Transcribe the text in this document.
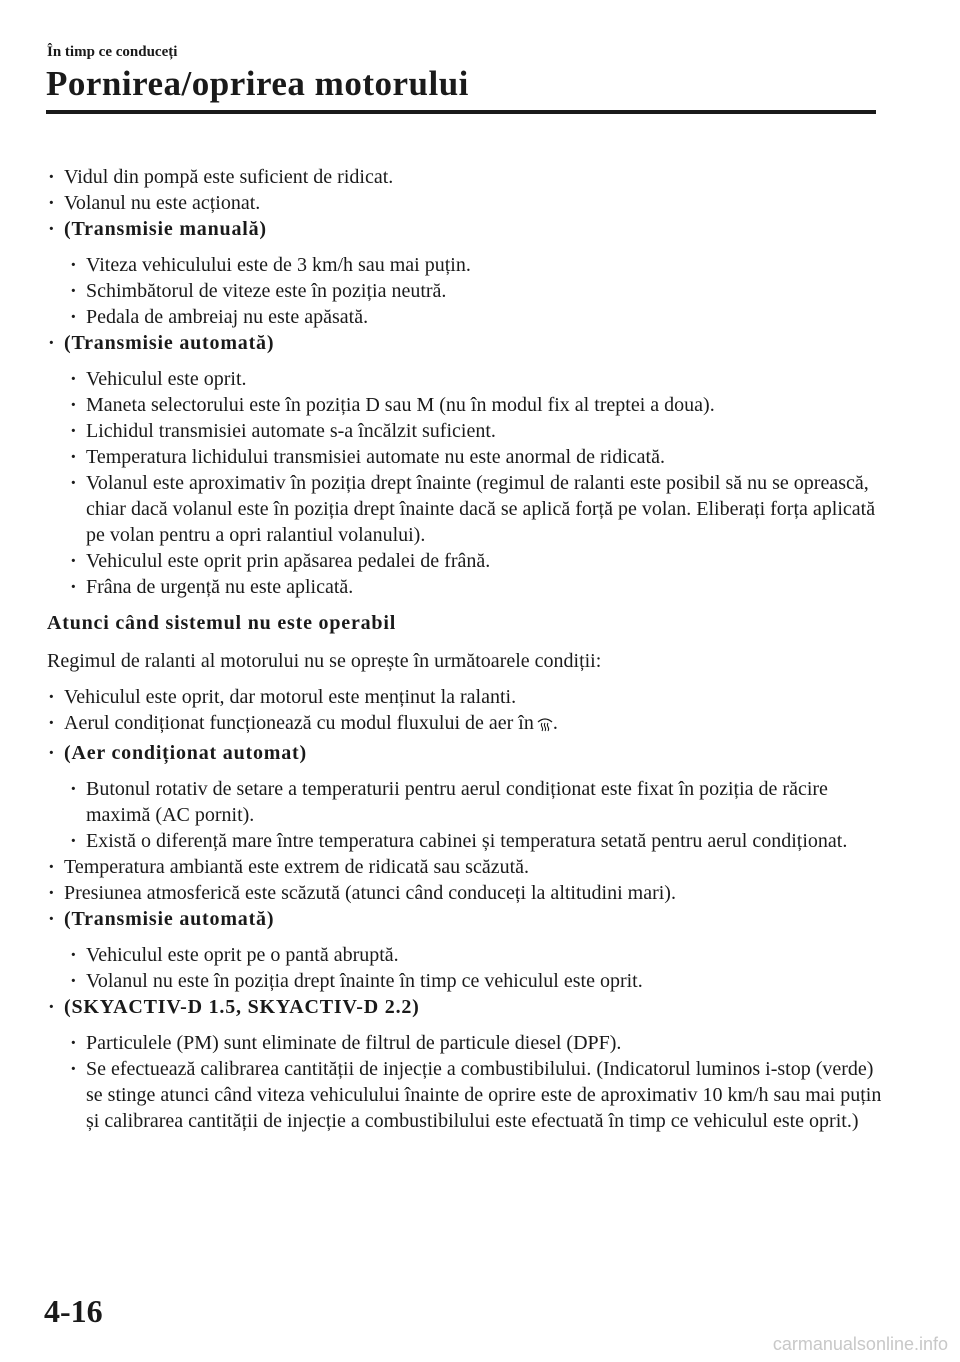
În timp ce conduceți
Pornirea/oprirea motorului
· Vidul din pompă este suficient de ridicat.
· Volanul nu este acționat.
· (Transmisie manuală)
· Viteza vehiculului este de 3 km/h sau mai puțin.
· Schimbătorul de viteze este în poziția neutră.
· Pedala de ambreiaj nu este apăsată.
· (Transmisie automată)
· Vehiculul este oprit.
· Maneta selectorului este în poziția D sau M (nu în modul fix al treptei a doua).
· Lichidul transmisiei automate s-a încălzit suficient.
· Temperatura lichidului transmisiei automate nu este anormal de ridicată.
· Volanul este aproximativ în poziția drept înainte (regimul de ralanti este posibil să nu se oprească, chiar dacă volanul este în poziția drept înainte dacă se aplică forță pe volan. Eliberați forța aplicată pe volan pentru a opri ralantiul volanului).
· Vehiculul este oprit prin apăsarea pedalei de frână.
· Frâna de urgență nu este aplicată.
Atunci când sistemul nu este operabil
Regimul de ralanti al motorului nu se oprește în următoarele condiții:
· Vehiculul este oprit, dar motorul este menținut la ralanti.
· Aerul condiționat funcționează cu modul fluxului de aer în .
· (Aer condiționat automat)
· Butonul rotativ de setare a temperaturii pentru aerul condiționat este fixat în poziția de răcire maximă (AC pornit).
· Există o diferență mare între temperatura cabinei și temperatura setată pentru aerul condiționat.
· Temperatura ambiantă este extrem de ridicată sau scăzută.
· Presiunea atmosferică este scăzută (atunci când conduceți la altitudini mari).
· (Transmisie automată)
· Vehiculul este oprit pe o pantă abruptă.
· Volanul nu este în poziția drept înainte în timp ce vehiculul este oprit.
· (SKYACTIV-D 1.5, SKYACTIV-D 2.2)
· Particulele (PM) sunt eliminate de filtrul de particule diesel (DPF).
· Se efectuează calibrarea cantității de injecție a combustibilului. (Indicatorul luminos i-stop (verde) se stinge atunci când viteza vehiculului înainte de oprire este de aproximativ 10 km/h sau mai puțin și calibrarea cantității de injecție a combustibilului este efectuată în timp ce vehiculul este oprit.)
4-16
carmanualsonline.info
